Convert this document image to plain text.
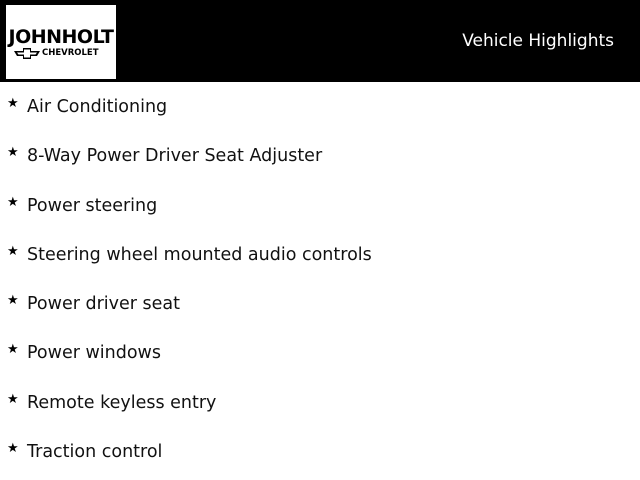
JOHNHOLT
CHEVROLET
Vehicle Highlights
★ Air Conditioning
★ 8-Way Power Driver Seat Adjuster
★ Power steering
★ Steering wheel mounted audio controls
★ Power driver seat
★ Power windows
★ Remote keyless entry
★ Traction control
